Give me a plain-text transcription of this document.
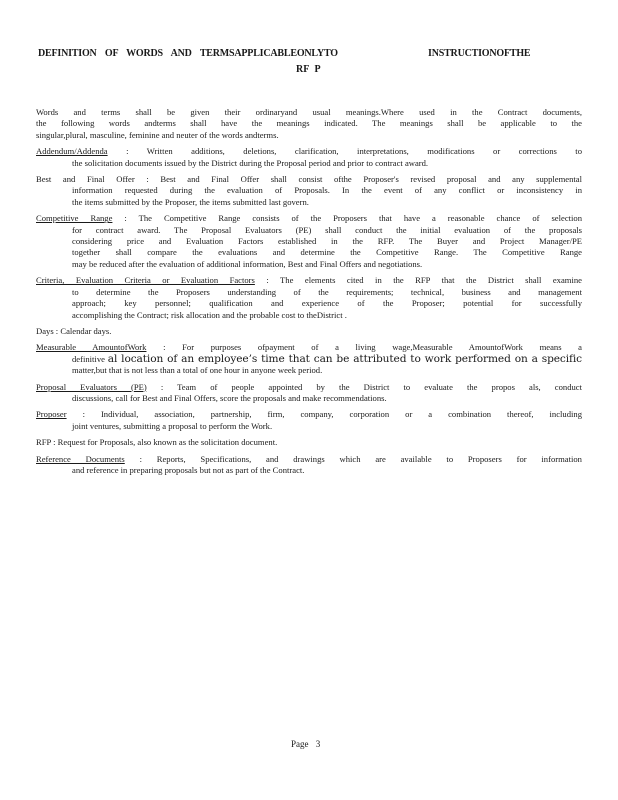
DEFINITION OF WORDS AND TERMSAPPLICABLEONLYTO	INSTRUCTIONOFTHE
RF P
Words and terms shall be given their ordinaryand usual meanings.Where used in the Contract documents,
the following words andterms shall have the meanings indicated. The meanings shall be applicable to the
singular,plural, masculine, feminine and neuter of the words andterms.
Addendum/Addenda : Written additions, deletions, clarification, interpretations, modifications or corrections to
the solicitation documents issued by the District during the Proposal period and prior to contract award.
Best and Final Offer : Best and Final Offer shall consist ofthe Proposer's revised proposal and any supplemental
information requested during the evaluation of Proposals. In the event of any conflict or inconsistency in
the items submitted by the Proposer, the items submitted last govern.
Competitive Range : The Competitive Range consists of the Proposers that have a reasonable chance of selection
for contract award. The Proposal Evaluators (PE) shall conduct the initial evaluation of the proposals
considering price and Evaluation Factors established in the RFP. The Buyer and Project Manager/PE
together shall compare the evaluations and determine the Competitive Range. The Competitive Range
may be reduced after the evaluation of additional information, Best and Final Offers and negotiations.
Criteria, Evaluation Criteria or Evaluation Factors : The elements cited in the RFP that the District shall examine
to determine the Proposers understanding of the requirements; technical, business and management
approach; key personnel; qualification and experience of the Proposer; potential for successfully
accomplishing the Contract; risk allocation and the probable cost to theDistrict .
Days : Calendar days.
Measurable AmountofWork : For purposes ofpayment of a living wage,Measurable AmountofWork means a
definitive al location of an employee’s time that can be attributed to work performed on a specific
matter,but that is not less than a total of one hour in anyone week period.
Proposal Evaluators (PE) : Team of people appointed by the District to evaluate the propos als, conduct
discussions, call for Best and Final Offers, score the proposals and make recommendations.
Proposer : Individual, association, partnership, firm, company, corporation or a combination thereof, including
joint ventures, submitting a proposal to perform the Work.
RFP : Request for Proposals, also known as the solicitation document.
Reference Documents : Reports, Specifications, and drawings which are available to Proposers for information
and reference in preparing proposals but not as part of the Contract.
Page 3
